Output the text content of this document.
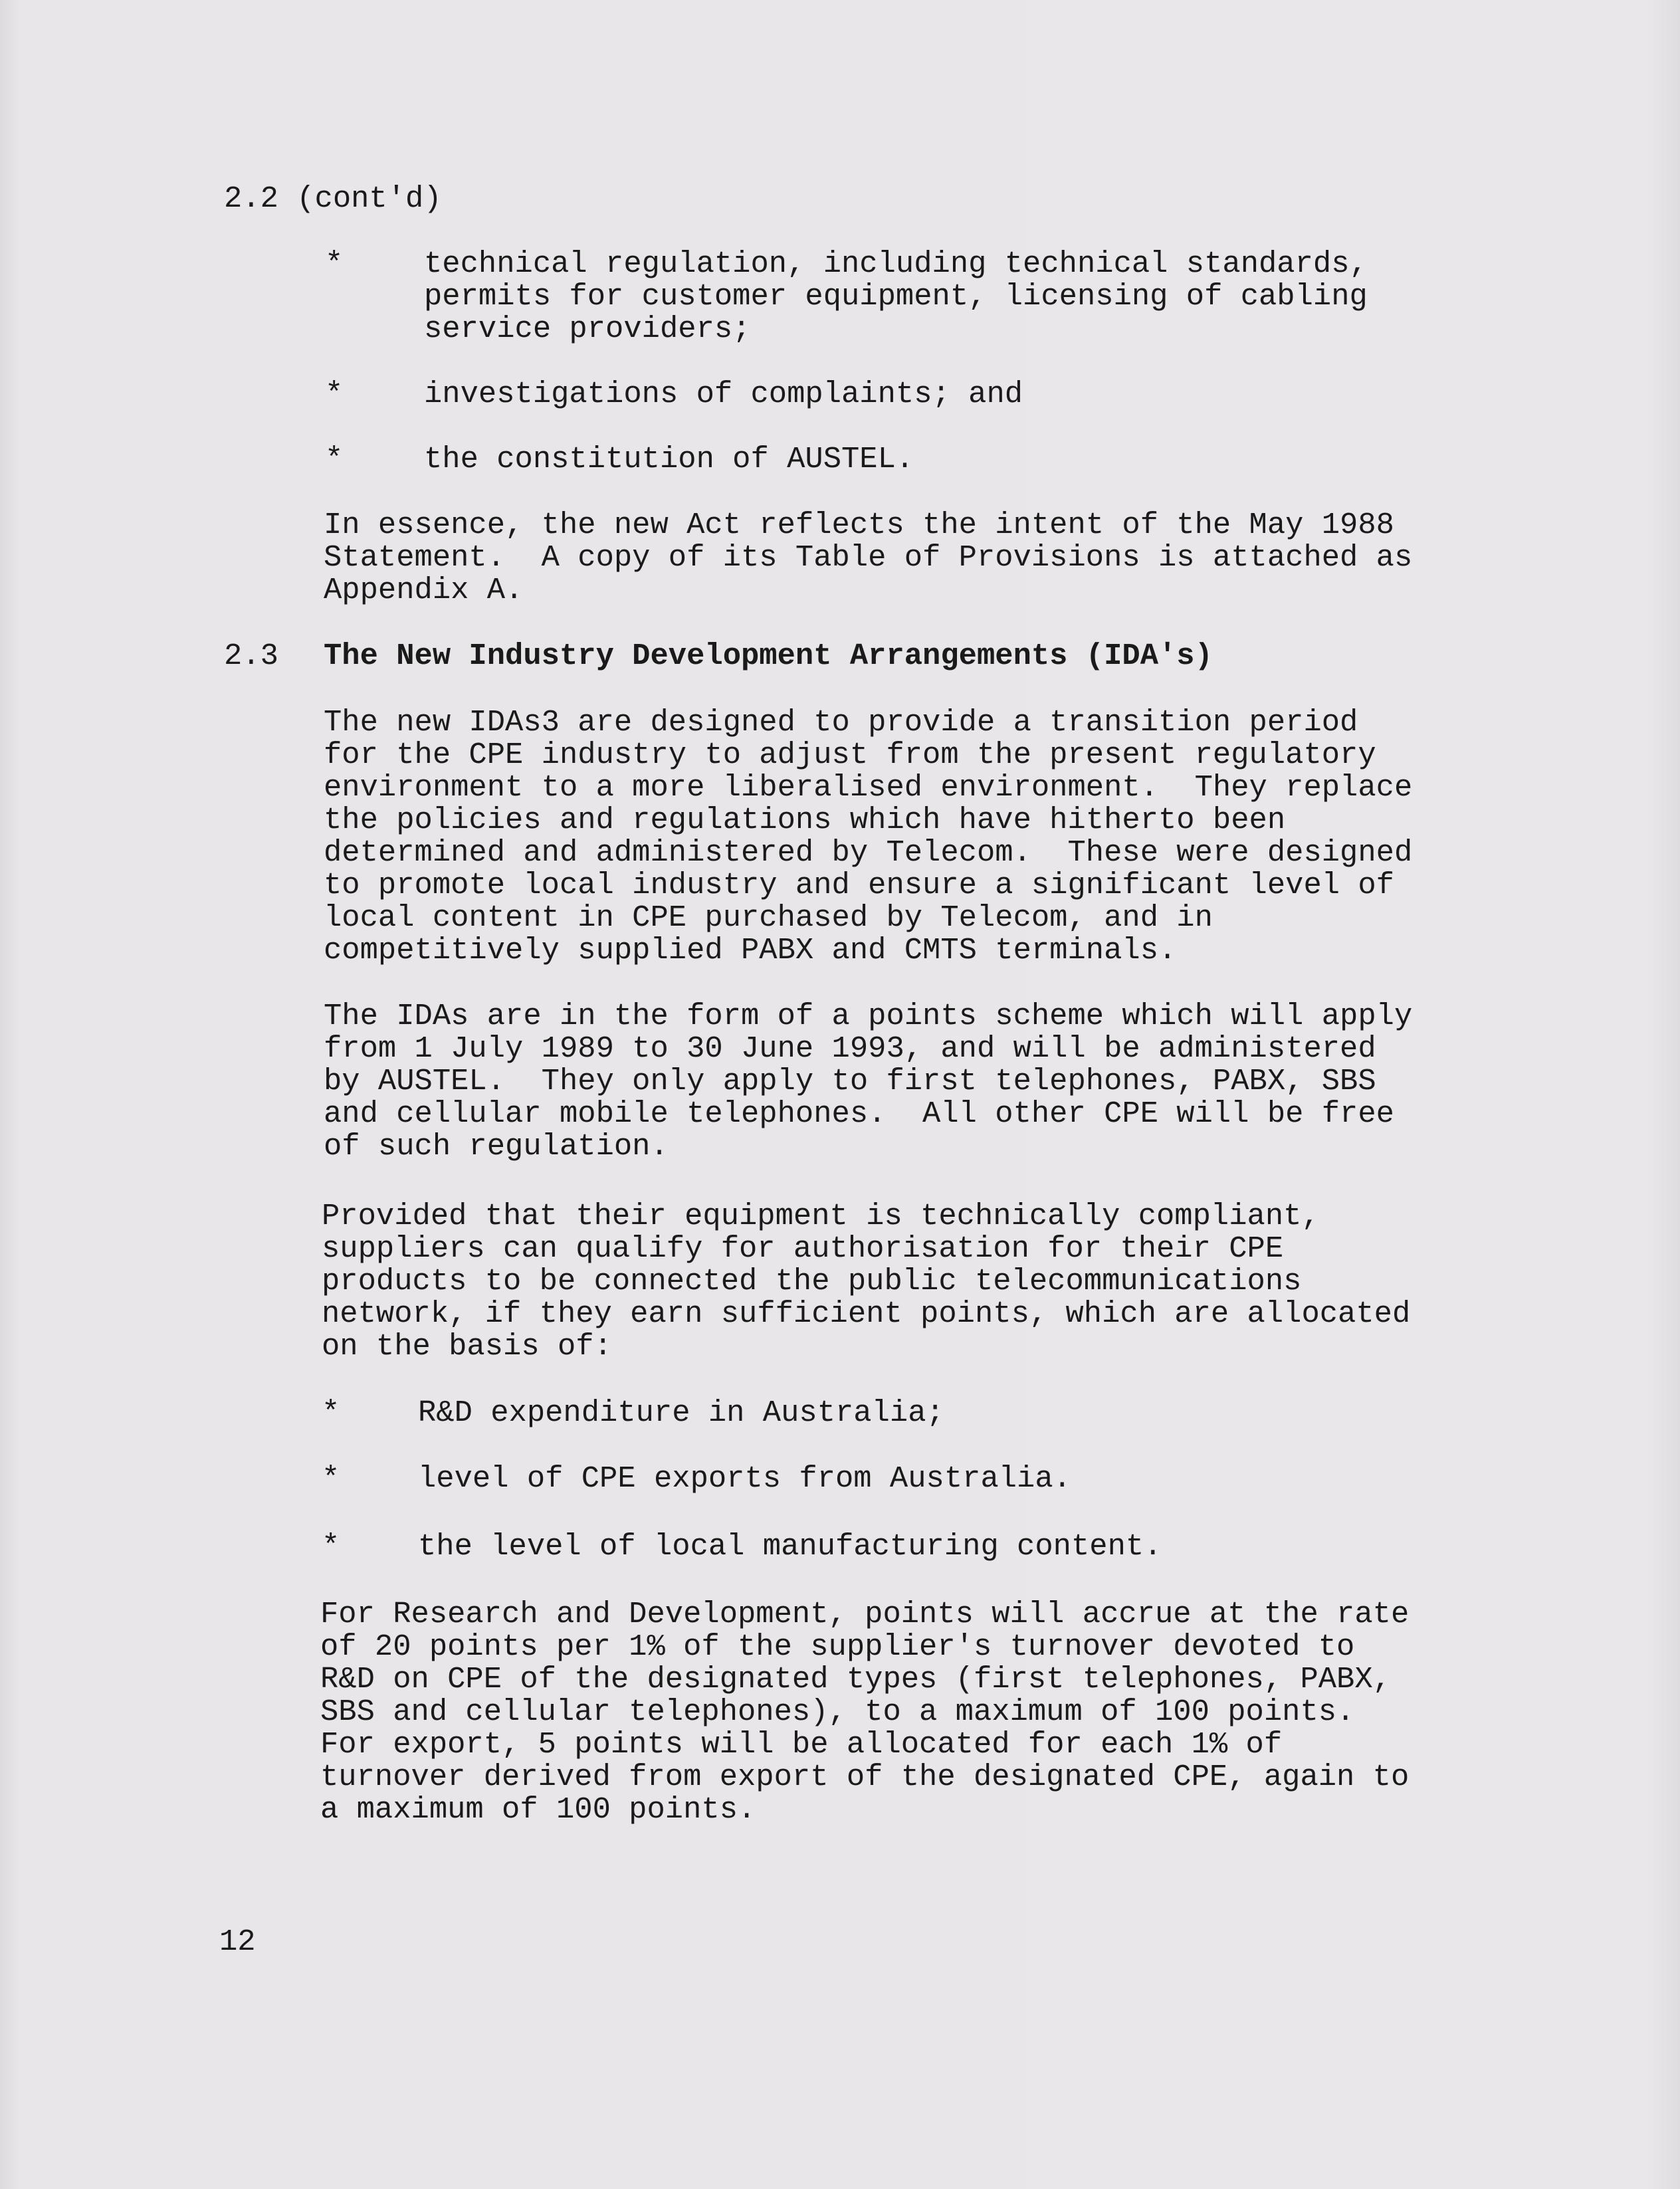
2.2 (cont'd)
*	technical regulation, including technical standards,
permits for customer equipment, licensing of cabling
service providers;
*	investigations of complaints; and
*	the constitution of AUSTEL.
In essence, the new Act reflects the intent of the May 1988
Statement.  A copy of its Table of Provisions is attached as
Appendix A.
2.3 The New Industry Development Arrangements (IDA's)
The new IDAs3 are designed to provide a transition period
for the CPE industry to adjust from the present regulatory
environment to a more liberalised environment.  They replace
the policies and regulations which have hitherto been
determined and administered by Telecom.  These were designed
to promote local industry and ensure a significant level of
local content in CPE purchased by Telecom, and in
competitively supplied PABX and CMTS terminals.
The IDAs are in the form of a points scheme which will apply
from 1 July 1989 to 30 June 1993, and will be administered
by AUSTEL.  They only apply to first telephones, PABX, SBS
and cellular mobile telephones.  All other CPE will be free
of such regulation.
Provided that their equipment is technically compliant,
suppliers can qualify for authorisation for their CPE
products to be connected the public telecommunications
network, if they earn sufficient points, which are allocated
on the basis of:
*	R&D expenditure in Australia;
*	level of CPE exports from Australia.
*	the level of local manufacturing content.
For Research and Development, points will accrue at the rate
of 20 points per 1% of the supplier's turnover devoted to
R&D on CPE of the designated types (first telephones, PABX,
SBS and cellular telephones), to a maximum of 100 points.
For export, 5 points will be allocated for each 1% of
turnover derived from export of the designated CPE, again to
a maximum of 100 points.
12
